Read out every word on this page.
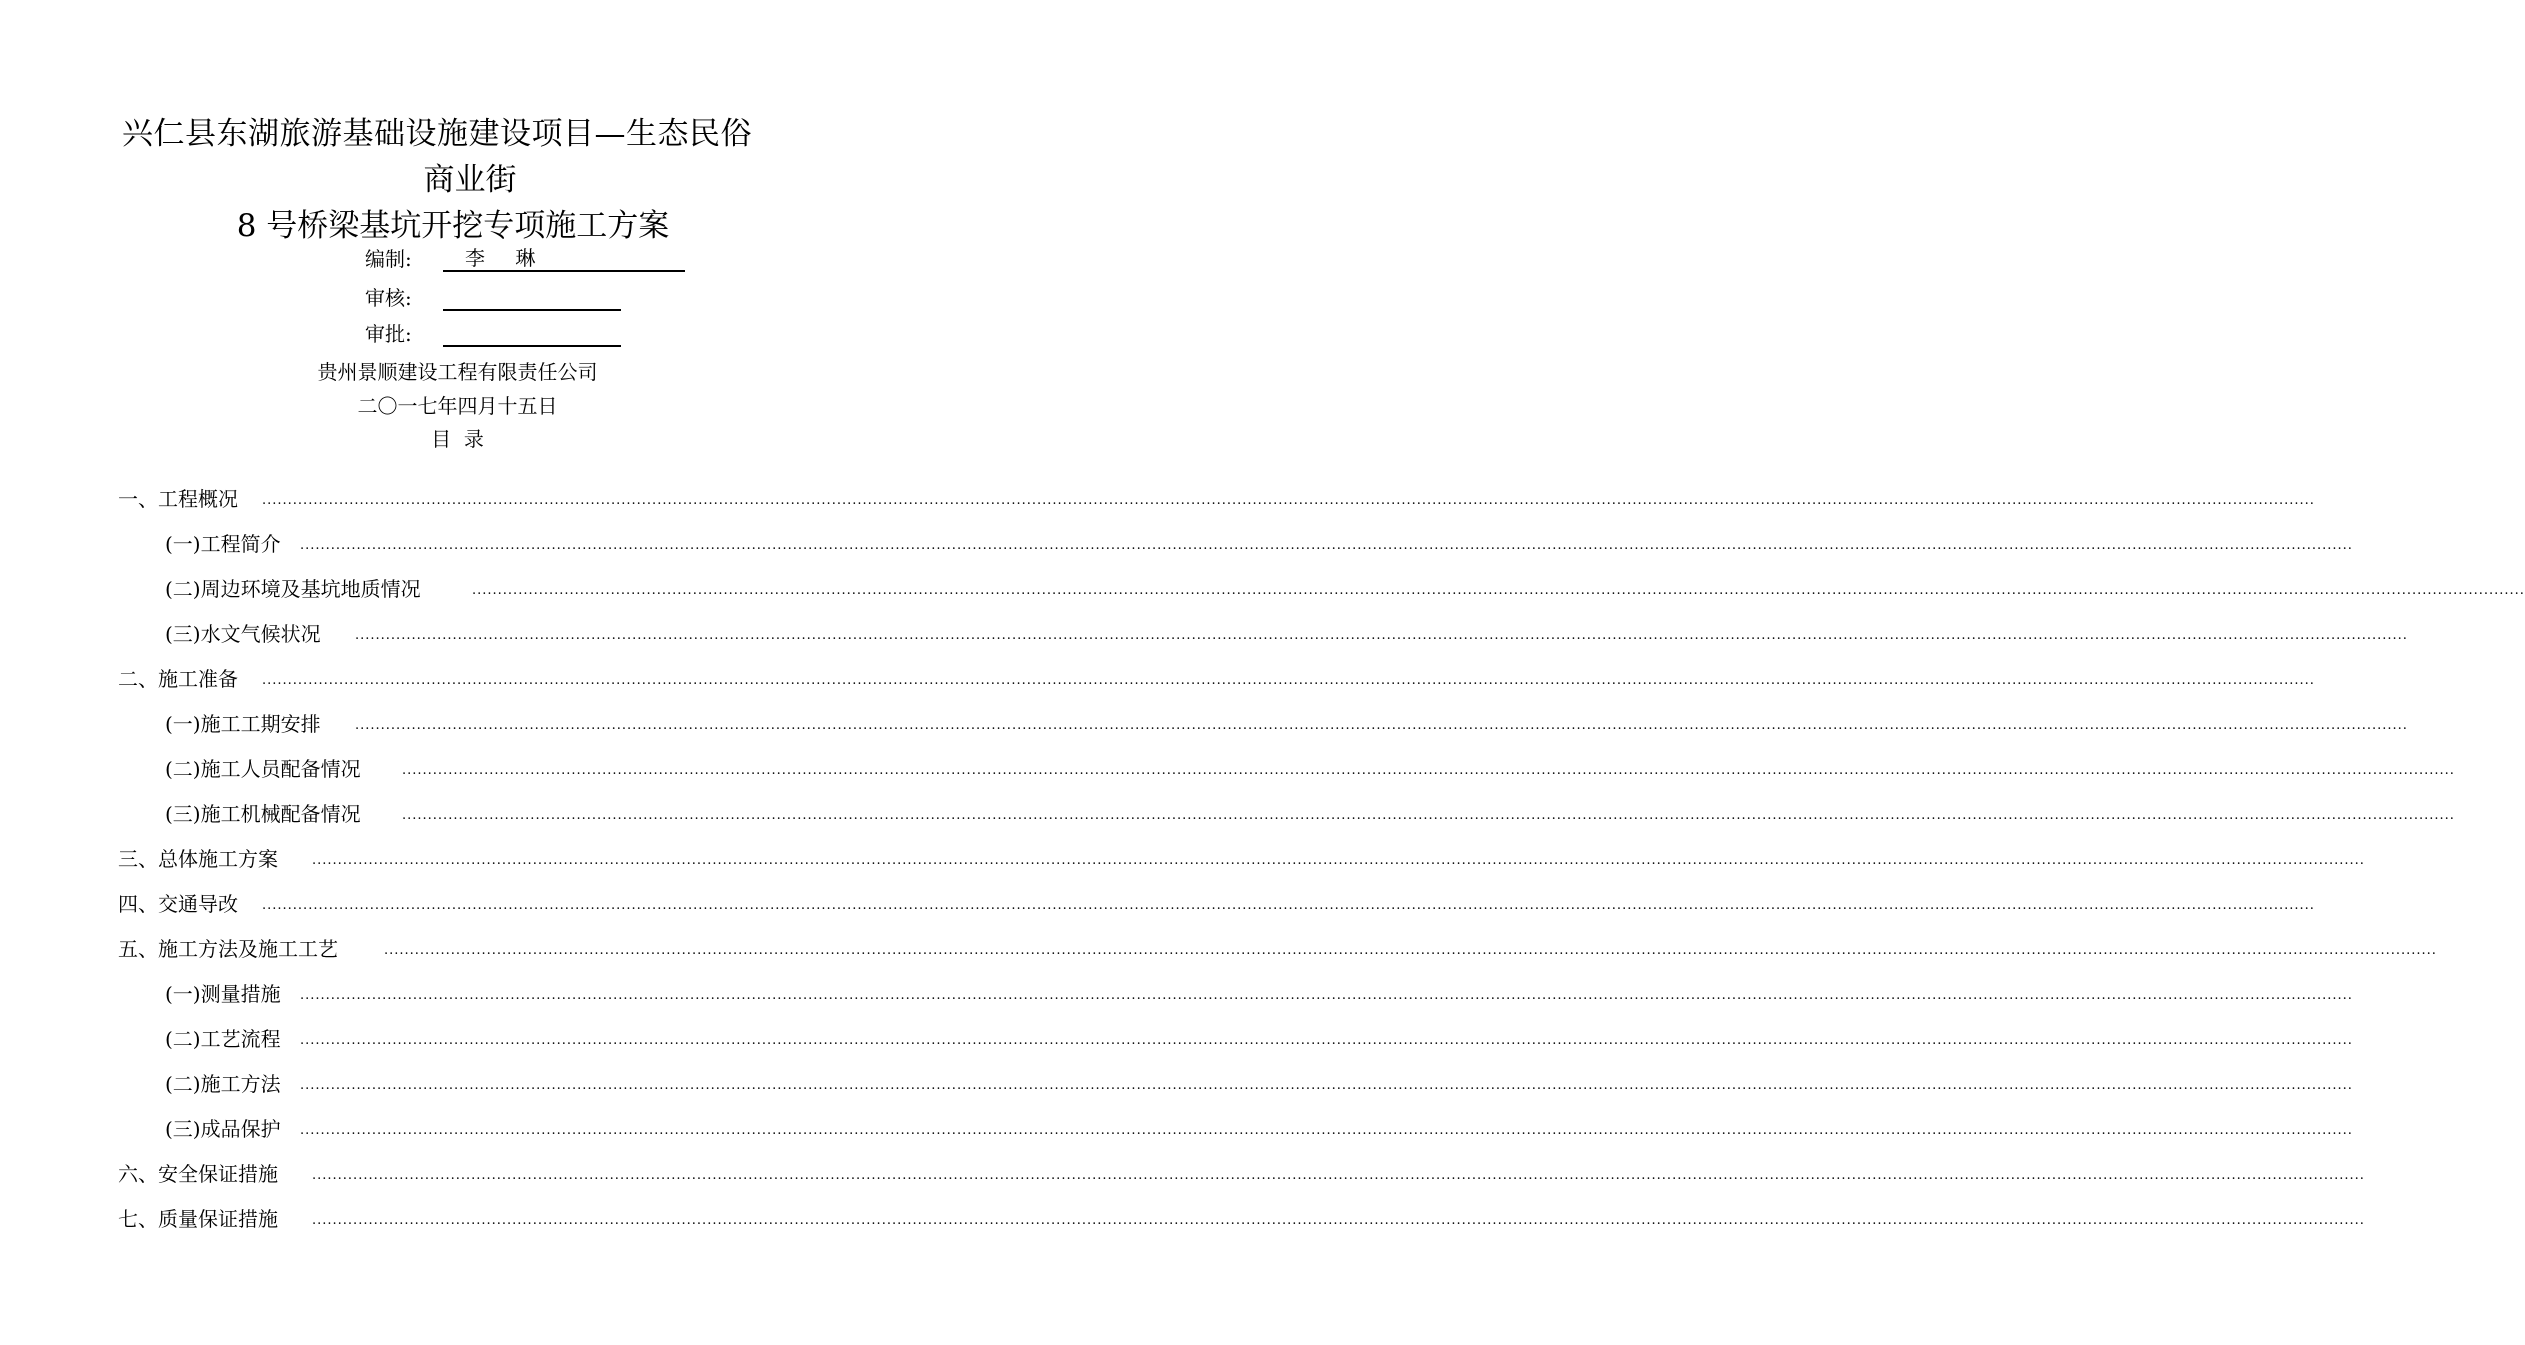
兴仁县东湖旅游基础设施建设项目—生态民俗
商业街
8 号桥梁基坑开挖专项施工方案
编制:	李 琳
审核:
审批:
贵州景顺建设工程有限责任公司
二〇一七年四月十五日
目  录
一、工程概况 ................................................................................................................................................................................................................................................................................................................................................................................................................
(一)工程简介 ................................................................................................................................................................................................................................................................................................................................................................................................................
(二)周边环境及基坑地质情况	................................................................................................................................................................................................................................................................................................................................................................................................................
(三)水文气候状况	................................................................................................................................................................................................................................................................................................................................................................................................................
二、施工准备 ................................................................................................................................................................................................................................................................................................................................................................................................................
(一)施工工期安排	................................................................................................................................................................................................................................................................................................................................................................................................................
(二)施工人员配备情况	................................................................................................................................................................................................................................................................................................................................................................................................................
(三)施工机械配备情况	................................................................................................................................................................................................................................................................................................................................................................................................................
三、总体施工方案	................................................................................................................................................................................................................................................................................................................................................................................................................
四、交通导改 ................................................................................................................................................................................................................................................................................................................................................................................................................
五、施工方法及施工工艺	................................................................................................................................................................................................................................................................................................................................................................................................................
(一)测量措施 ................................................................................................................................................................................................................................................................................................................................................................................................................
(二)工艺流程 ................................................................................................................................................................................................................................................................................................................................................................................................................
(二)施工方法 ................................................................................................................................................................................................................................................................................................................................................................................................................
(三)成品保护 ................................................................................................................................................................................................................................................................................................................................................................................................................
六、安全保证措施	................................................................................................................................................................................................................................................................................................................................................................................................................
七、质量保证措施	................................................................................................................................................................................................................................................................................................................................................................................................................
